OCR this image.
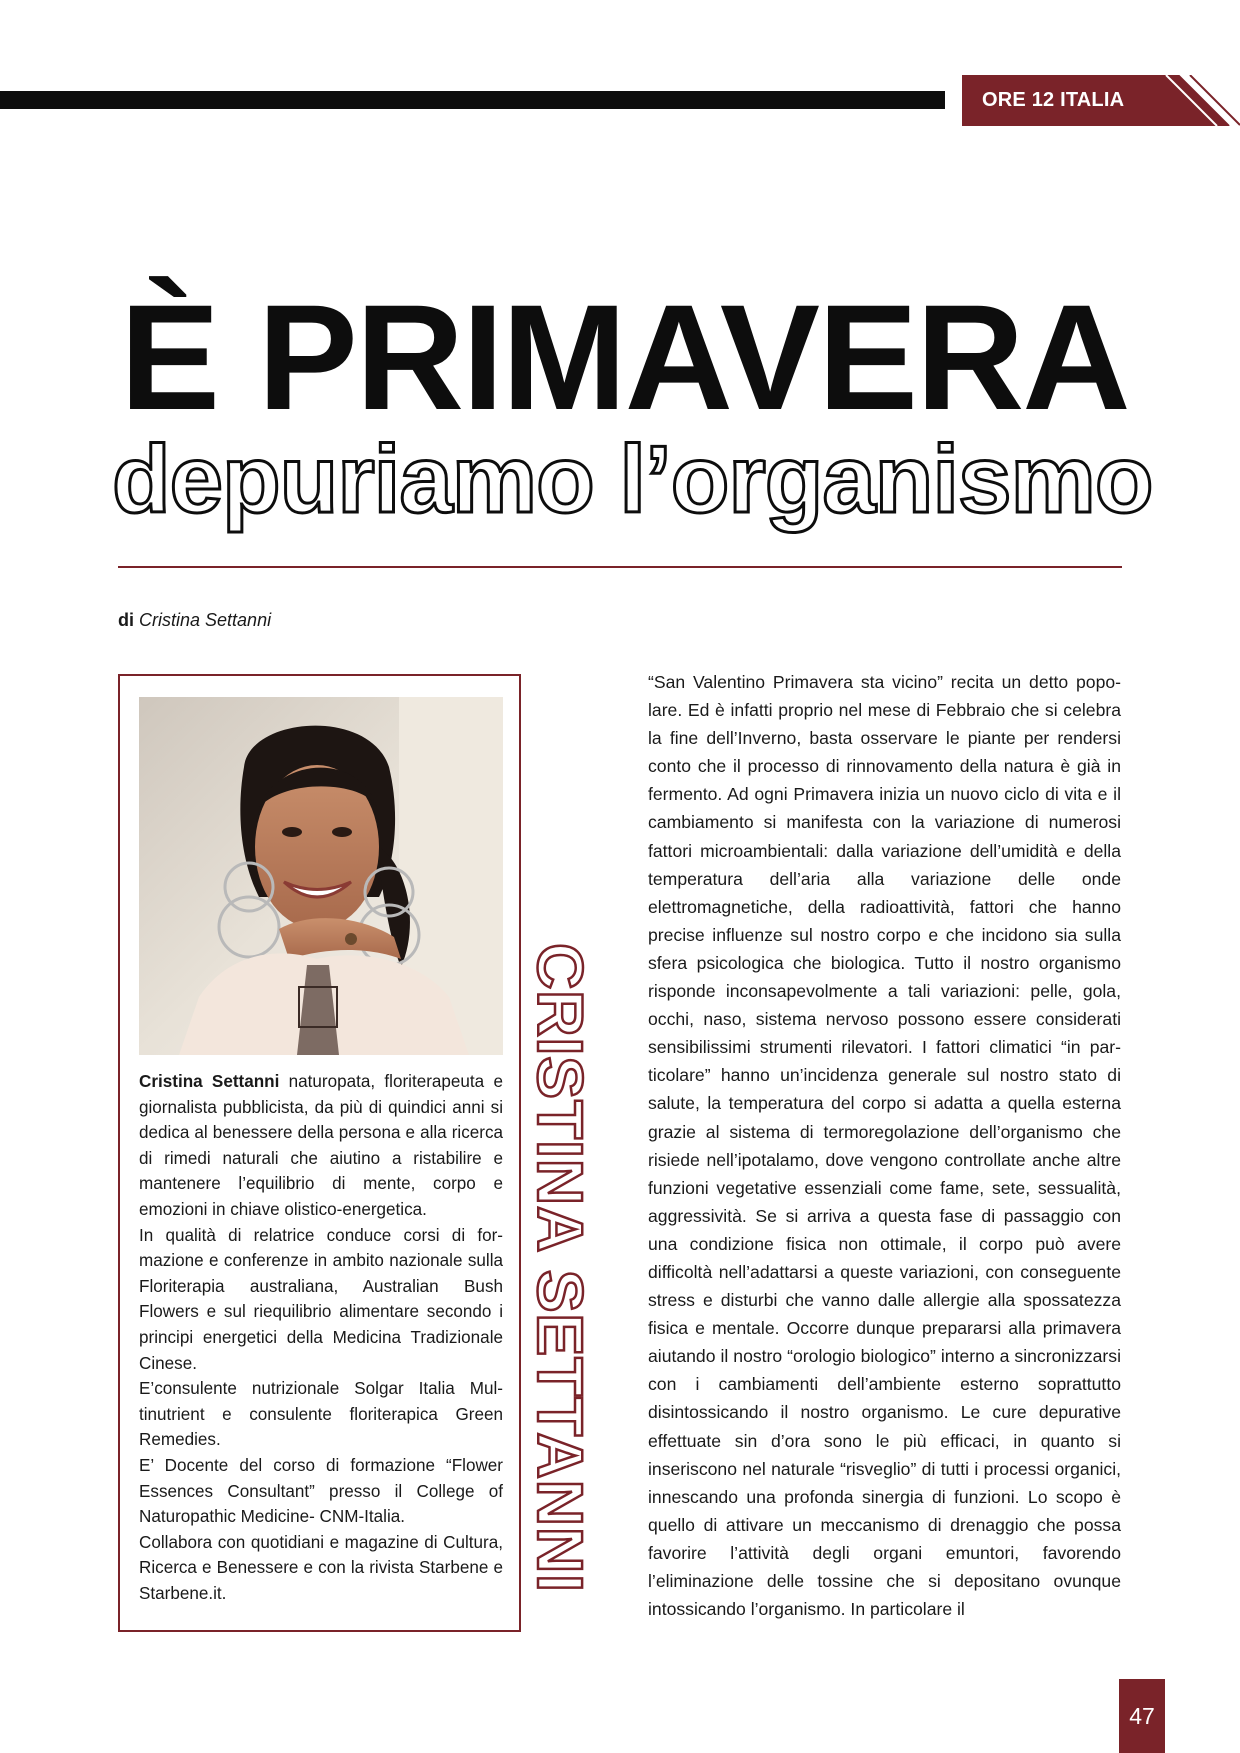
ORE 12 ITALIA
È PRIMAVERA
depuriamo l’organismo
di Cristina Settanni

Cristina Settanni naturopata, floriterapeuta e giornalista pubblicista, da più di quindici anni si dedica al benessere della persona e alla ricerca di rimedi naturali che aiutino a ristabilire e mantenere l’equilibrio di mente, corpo e emozioni in chiave olistico-energetica.

In qualità di relatrice conduce corsi di formazione e conferenze in ambito nazionale sulla Floriterapia australiana, Australian Bush Flowers e sul riequilibrio alimentare secondo i principi energetici della Medicina Tradizionale Cinese.

E’consulente nutrizionale Solgar Italia Multinutrient e consulente floriterapica Green Remedies.

E’ Docente del corso di formazione “Flower Essences Consultant” presso il College of Naturopathic Medicine- CNM-Italia.

Collabora con quotidiani e magazine di Cultura, Ricerca e Benessere e con la rivista Starbene e Starbene.it.

CRISTINA SETTANNI

“San Valentino Primavera sta vicino” recita un detto popolare. Ed è infatti proprio nel mese di Febbraio che si celebra la fine dell’Inverno, basta osservare le piante per rendersi conto che il processo di rinnovamento della natura è già in fermento. Ad ogni Primavera inizia un nuovo ciclo di vita e il cambiamento si manifesta con la variazione di numerosi fattori microambientali: dalla variazione dell’umidità e della temperatura dell’aria alla variazione delle onde elettromagnetiche, della radioattività, fattori che hanno precise influenze sul nostro corpo e che incidono sia sulla sfera psicologica che biologica. Tutto il nostro organismo risponde inconsapevolmente a tali variazioni: pelle, gola, occhi, naso, sistema nervoso possono essere considerati sensibilissimi strumenti rilevatori. I fattori climatici “in particolare” hanno un’incidenza generale sul nostro stato di salute, la temperatura del corpo si adatta a quella esterna grazie al sistema di termoregolazione dell’organismo che risiede nell’ipotalamo, dove vengono controllate anche altre funzioni vegetative essenziali come fame, sete, sessualità, aggressività. Se si arriva a questa fase di passaggio con una condizione fisica non ottimale, il corpo può avere difficoltà nell’adattarsi a queste variazioni, con conseguente stress e disturbi che vanno dalle allergie alla spossatezza fisica e mentale. Occorre dunque prepararsi alla primavera aiutando il nostro “orologio biologico” interno a sincronizzarsi con i cambiamenti dell’ambiente esterno soprattutto disintossicando il nostro organismo. Le cure depurative effettuate sin d’ora sono le più efficaci, in quanto si inseriscono nel naturale “risveglio” di tutti i processi organici, innescando una profonda sinergia di funzioni. Lo scopo è quello di attivare un meccanismo di drenaggio che possa favorire l’attività degli organi emuntori, favorendo l’eliminazione delle tossine che si depositano ovunque intossicando l’organismo. In particolare il

47
